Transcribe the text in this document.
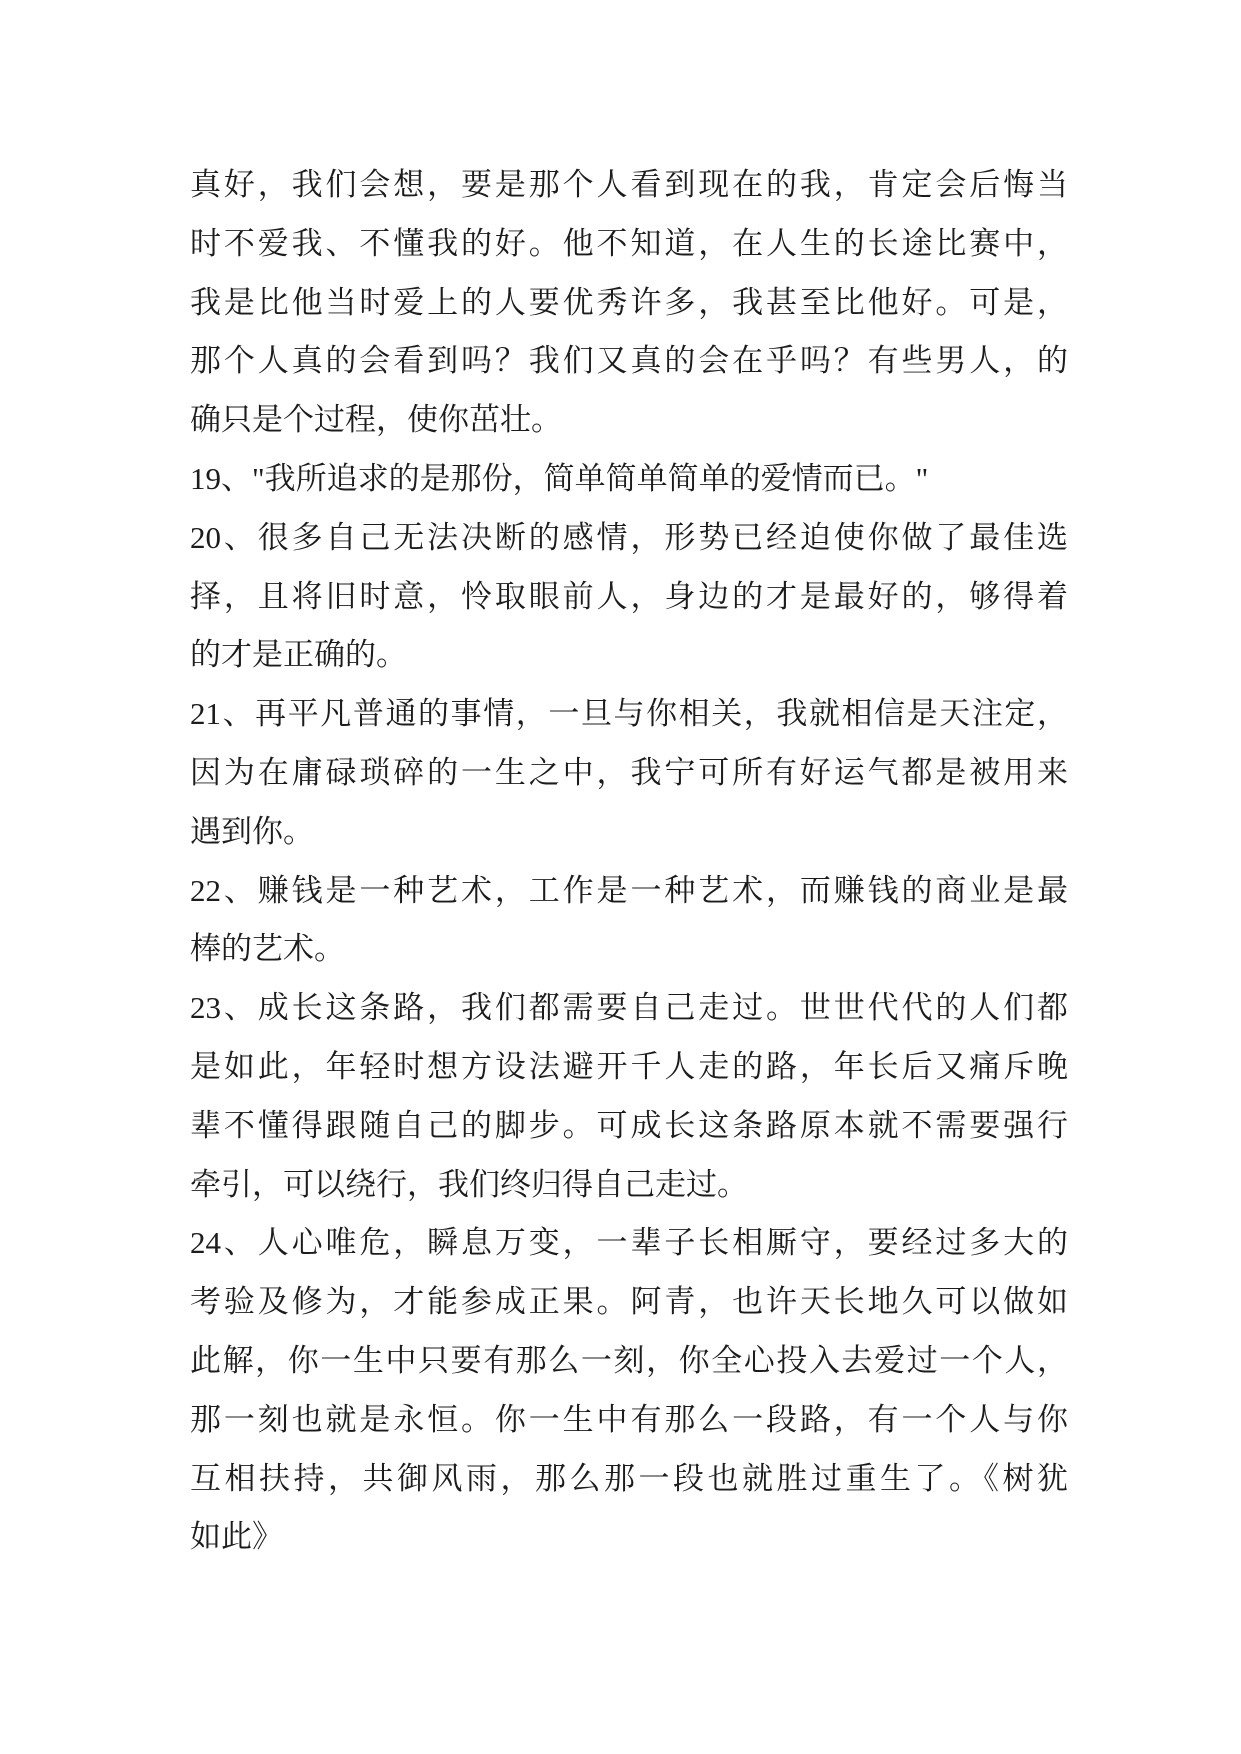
真好，我们会想，要是那个人看到现在的我，肯定会后悔当
时不爱我、不懂我的好。他不知道，在人生的长途比赛中，
我是比他当时爱上的人要优秀许多，我甚至比他好。可是，
那个人真的会看到吗？我们又真的会在乎吗？有些男人，的
确只是个过程，使你茁壮。
19、"我所追求的是那份，简单简单简单的爱情而已。"
20、很多自己无法决断的感情，形势已经迫使你做了最佳选
择，且将旧时意，怜取眼前人，身边的才是最好的，够得着
的才是正确的。
21、再平凡普通的事情，一旦与你相关，我就相信是天注定，
因为在庸碌琐碎的一生之中，我宁可所有好运气都是被用来
遇到你。
22、赚钱是一种艺术，工作是一种艺术，而赚钱的商业是最
棒的艺术。
23、成长这条路，我们都需要自己走过。世世代代的人们都
是如此，年轻时想方设法避开千人走的路，年长后又痛斥晚
辈不懂得跟随自己的脚步。可成长这条路原本就不需要强行
牵引，可以绕行，我们终归得自己走过。
24、人心唯危，瞬息万变，一辈子长相厮守，要经过多大的
考验及修为，才能参成正果。阿青，也许天长地久可以做如
此解，你一生中只要有那么一刻，你全心投入去爱过一个人，
那一刻也就是永恒。你一生中有那么一段路，有一个人与你
互相扶持，共御风雨，那么那一段也就胜过重生了。《树犹
如此》
